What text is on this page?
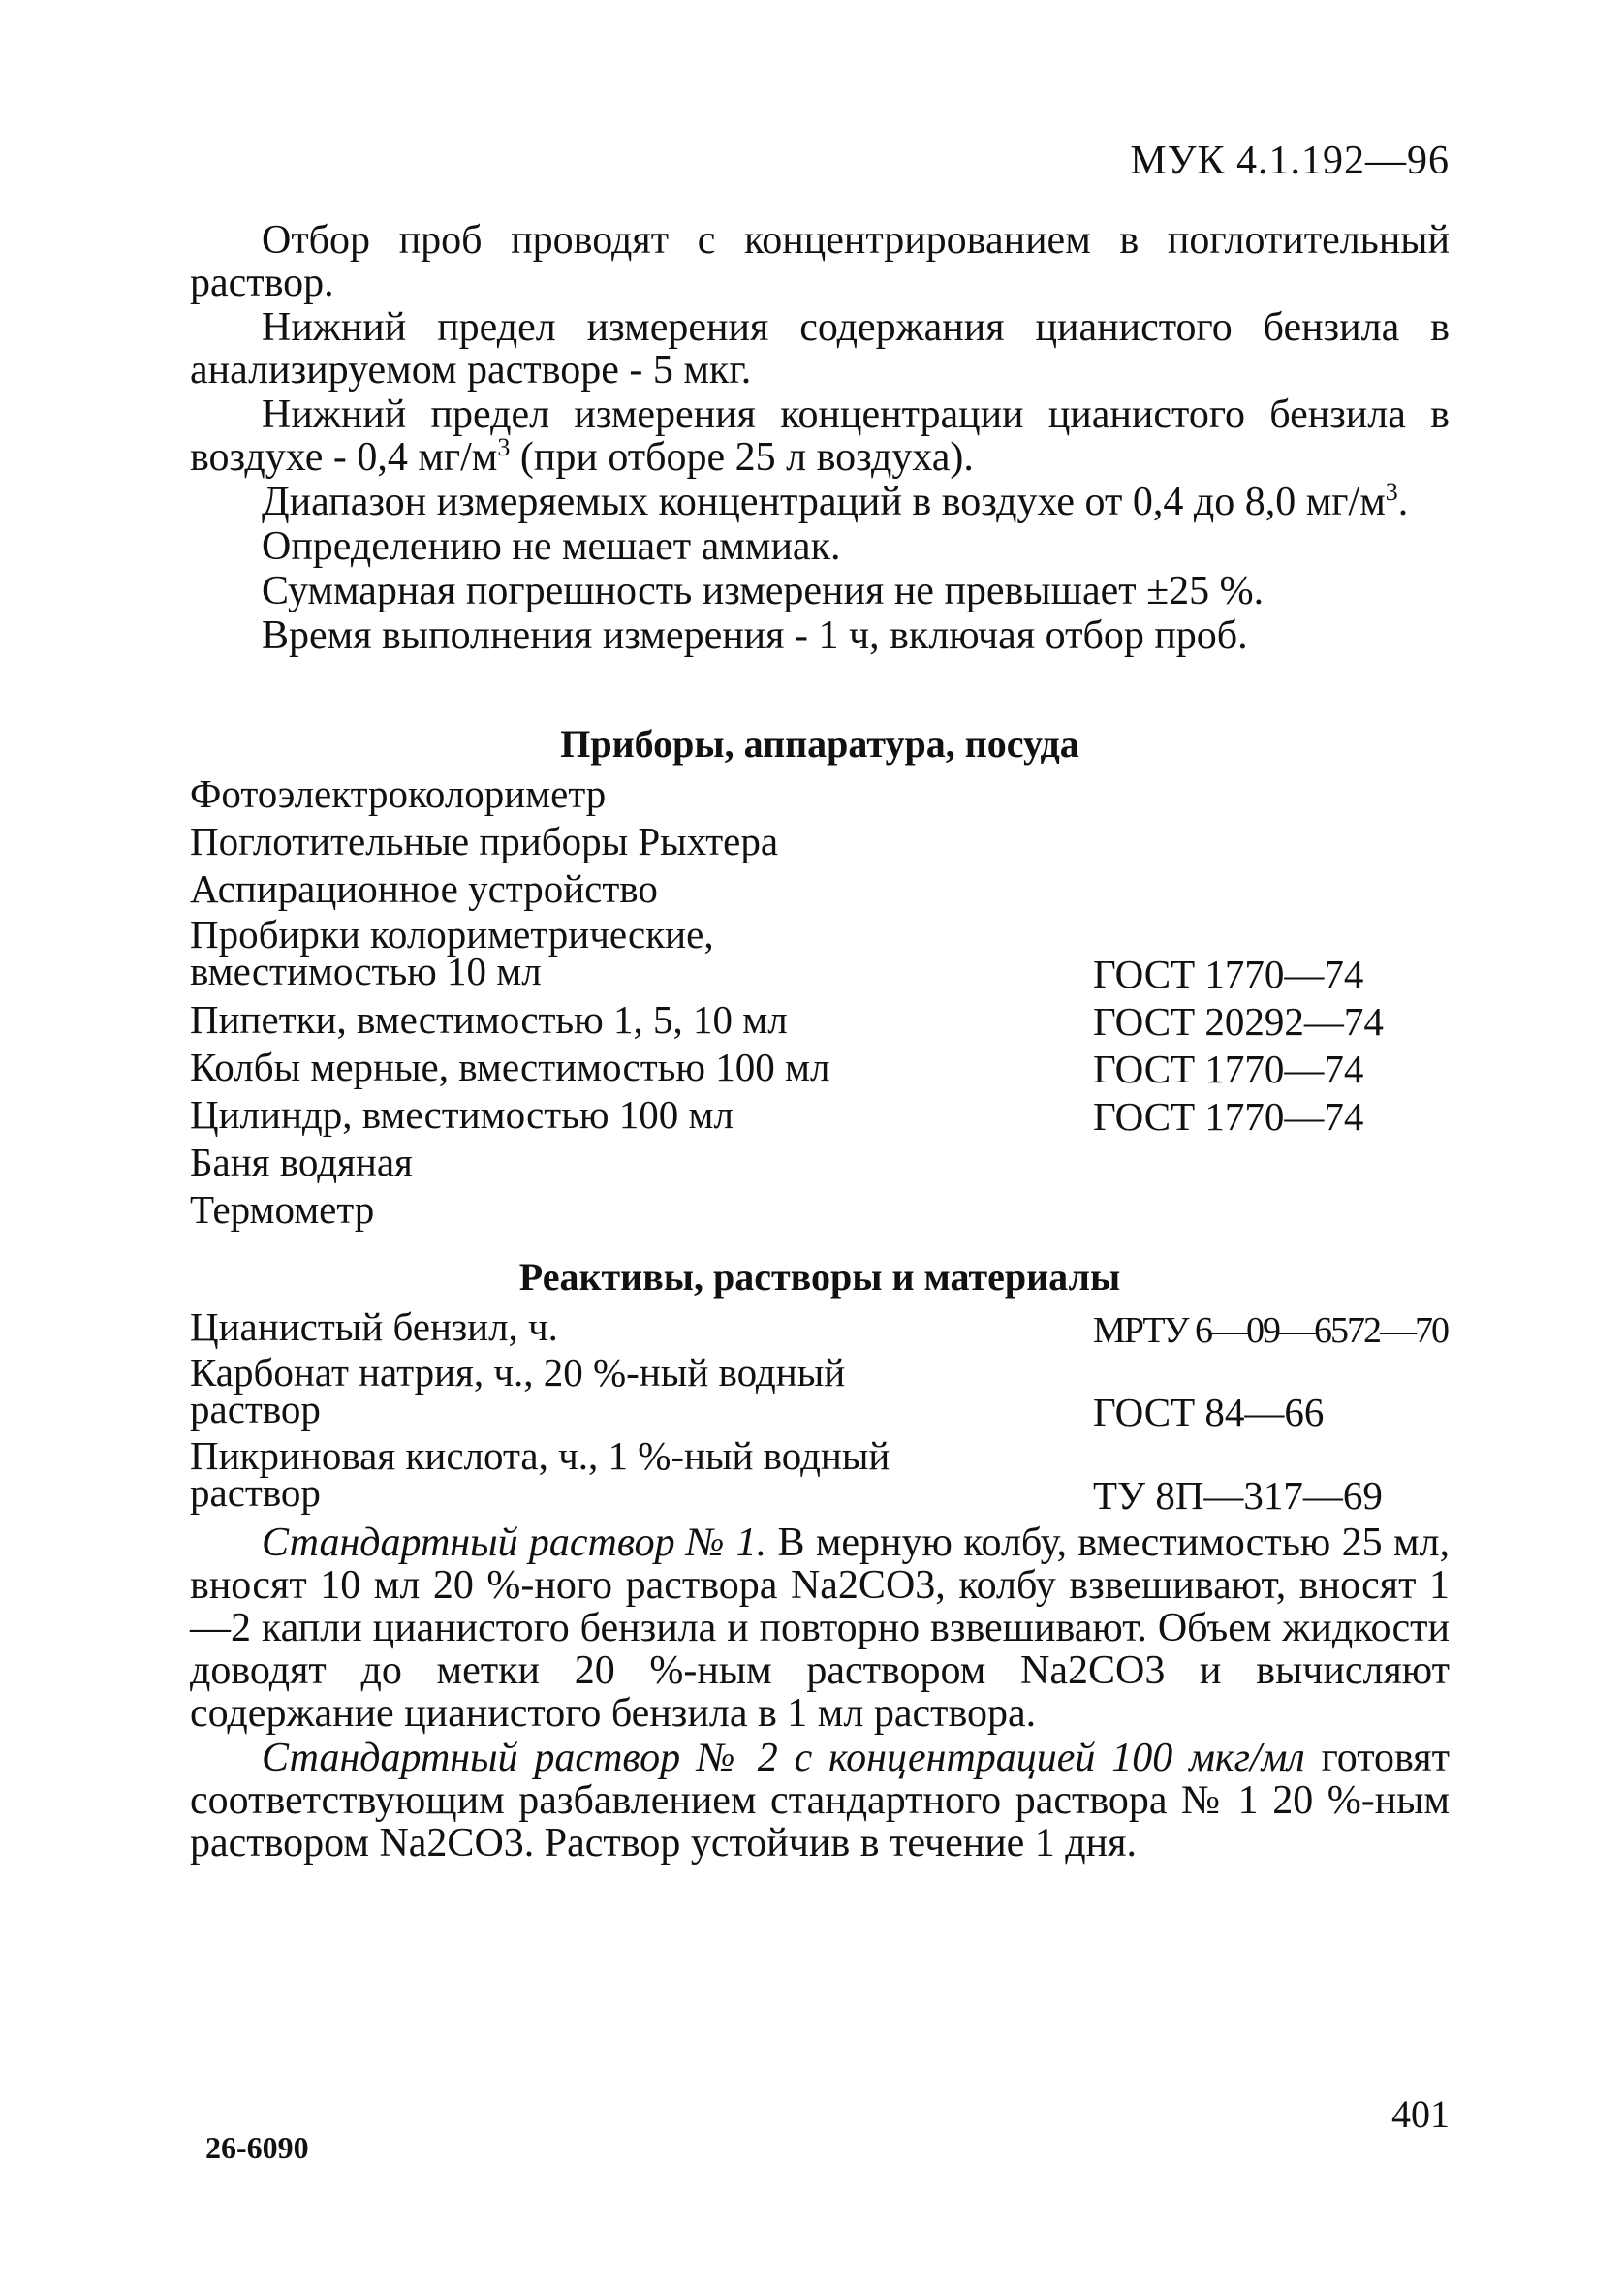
МУК 4.1.192—96

Отбор проб проводят с концентрированием в поглотительный раствор.

Нижний предел измерения содержания цианистого бензила в анализируемом растворе - 5 мкг.

Нижний предел измерения концентрации цианистого бензила в воздухе - 0,4 $мг/м^3$ (при отборе 25 л воздуха).

Диапазон измеряемых концентраций в воздухе от 0,4 до 8,0 $мг/м^3$.

Определению не мешает аммиак.

Суммарная погрешность измерения не превышает ±25 %.

Время выполнения измерения - 1 ч, включая отбор проб.

Приборы, аппаратура, посуда
Фотоэлектроколориметр
Поглотительные приборы Рыхтера
Аспирационное устройство
Пробирки колориметрические, вместимостью 10 мл	ГОСТ 1770—74
Пипетки, вместимостью 1, 5, 10 мл	ГОСТ 20292—74
Колбы мерные, вместимостью 100 мл	ГОСТ 1770—74
Цилиндр, вместимостью 100 мл	ГОСТ 1770—74
Баня водяная
Термометр
Реактивы, растворы и материалы
Цианистый бензил, ч.	МРТУ 6—09—6572—70
Карбонат натрия, ч., 20 %-ный водный раствор	ГОСТ 84—66
Пикриновая кислота, ч., 1 %-ный водный раствор	ТУ 8П—317—69

Стандартный раствор № 1. В мерную колбу, вместимостью 25 мл, вносят 10 мл 20 %-ного раствора Na2CO3, колбу взвешивают, вносят 1—2 капли цианистого бензила и повторно взвешивают. Объем жидкости доводят до метки 20 %-ным раствором Na2CO3 и вычисляют содержание цианистого бензила в 1 мл раствора.

Стандартный раствор № 2 с концентрацией 100 мкг/мл готовят соответствующим разбавлением стандартного раствора № 1 20 %-ным раствором Na2CO3. Раствор устойчив в течение 1 дня.

401
26-6090
